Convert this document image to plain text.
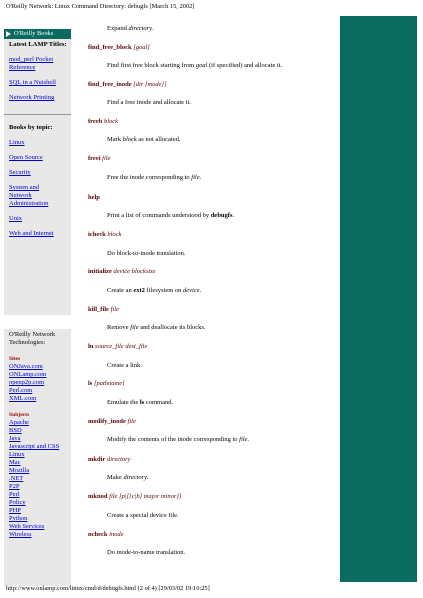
O'Reilly Network: Linux Command Directory: debugfs [March 15, 2002]
O'Reilly Books
Latest LAMP Titles:
mod_perl Pocket Reference
SQL in a Nutshell
Network Printing
Books by topic:
Linux
Open Source
Security
System and Network Administration
Unix
Web and Internet
O'Reilly Network Technologies:
Sites
ONJava.com
ONLamp.com
openp2p.com
Perl.com
XML.com
Subjects
Apache
BSD
Java
Javascript and CSS
Linux
Mac
Mozilla
.NET
P2P
Perl
Policy
PHP
Python
Web Services
Wireless
Expand directory.
find_free_block [goal]
Find first free block starting from goal (if specified) and allocate it.
find_free_inode [dir [mode]]
Find a free inode and allocate it.
freeb block
Mark block as not allocated.
freei file
Free the inode corresponding to file.
help
Print a list of commands understood by debugfs.
icheck block
Do block-to-inode translation.
initialize device blocksize
Create an ext2 filesystem on device.
kill_file file
Remove file and deallocate its blocks.
ln source_file dest_file
Create a link.
ls [pathname]
Emulate the ls command.
modify_inode file
Modify the contents of the inode corresponding to file.
mkdir directory
Make directory.
mknod file [p|[[c|b] major minor]]
Create a special device file.
ncheck inode
Do inode-to-name translation.
http://www.onlamp.com/linux/cmd/d/debugfs.html (2 of 4) [29/03/02 19:10:25]
